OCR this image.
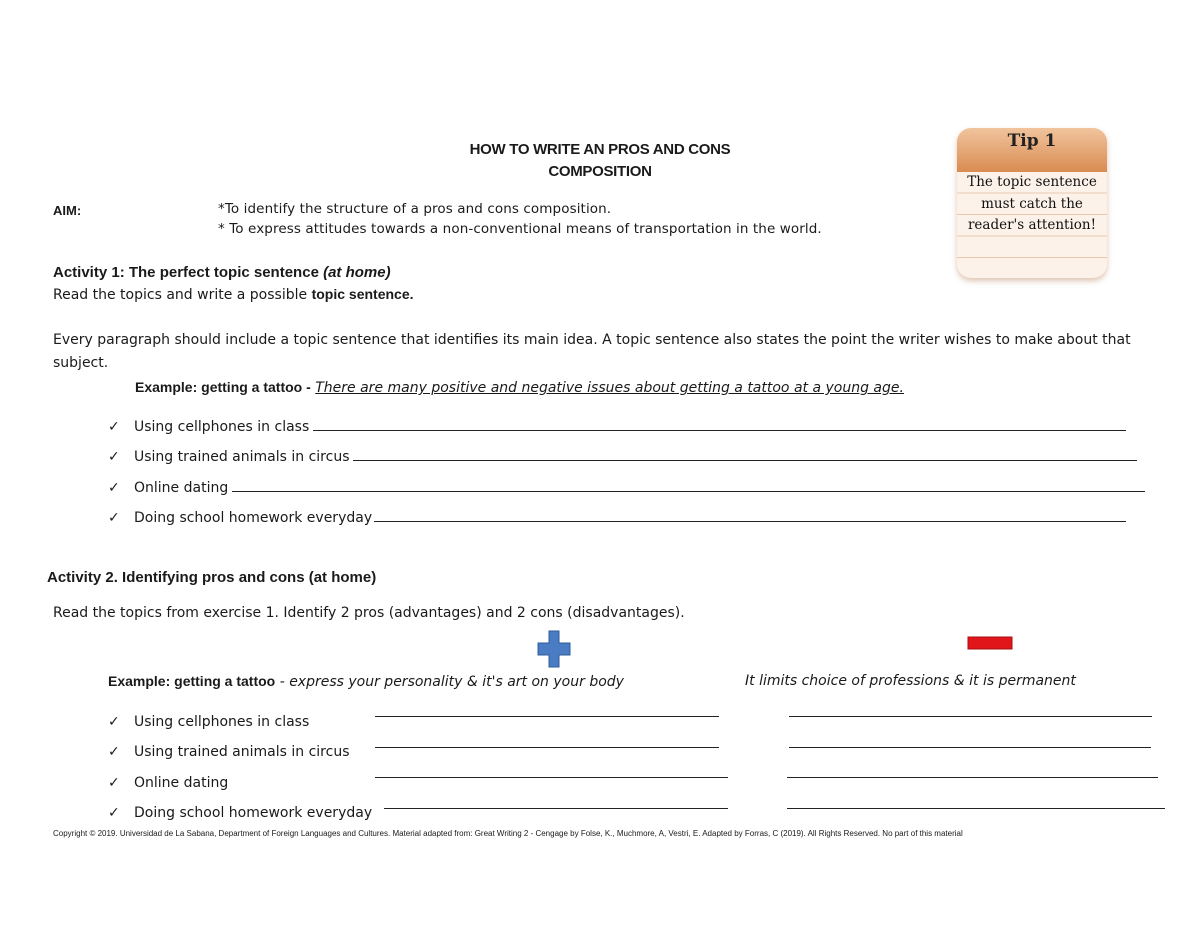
HOW TO WRITE AN PROS AND CONS
COMPOSITION
Tip 1
The topic sentence must catch the reader's attention!
AIM:	*To identify the structure of a pros and cons composition.
* To express attitudes towards a non-conventional means of transportation in the world.
Activity 1: The perfect topic sentence (at home)
Read the topics and write a possible topic sentence.
Every paragraph should include a topic sentence that identifies its main idea. A topic sentence also states the point the writer wishes to make about that subject.
Example: getting a tattoo - There are many positive and negative issues about getting a tattoo at a young age.
✓	Using cellphones in class
✓	Using trained animals in circus
✓	Online dating
✓	Doing school homework everyday
Activity 2. Identifying pros and cons (at home)
Read the topics from exercise 1. Identify 2 pros (advantages) and 2 cons (disadvantages).
Example: getting a tattoo - express your personality & it's art on your body	It limits choice of professions & it is permanent
✓	Using cellphones in class
✓	Using trained animals in circus
✓	Online dating
✓	Doing school homework everyday
Copyright © 2019. Universidad de La Sabana, Department of Foreign Languages and Cultures. Material adapted from: Great Writing 2 - Cengage by Folse, K., Muchmore, A, Vestri, E. Adapted by Forras, C (2019). All Rights Reserved. No part of this material
